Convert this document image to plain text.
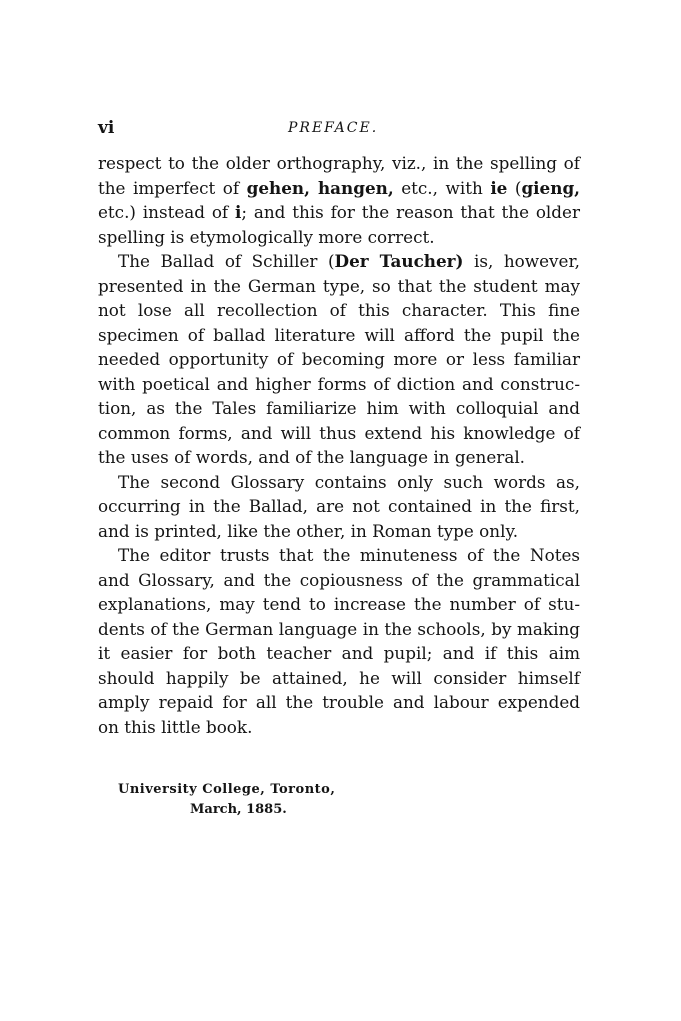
vi	PREFACE.
respect to the older orthography, viz., in the spelling of
the imperfect of gehen, hangen, etc., with ie (gieng,
etc.) instead of i; and this for the reason that the older
spelling is etymologically more correct.
The Ballad of Schiller (Der Taucher) is, however,
presented in the German type, so that the student may
not lose all recollection of this character. This fine
specimen of ballad literature will afford the pupil the
needed opportunity of becoming more or less familiar
with poetical and higher forms of diction and construc-
tion, as the Tales familiarize him with colloquial and
common forms, and will thus extend his knowledge of
the uses of words, and of the language in general.
The second Glossary contains only such words as,
occurring in the Ballad, are not contained in the first,
and is printed, like the other, in Roman type only.
The editor trusts that the minuteness of the Notes
and Glossary, and the copiousness of the grammatical
explanations, may tend to increase the number of stu-
dents of the German language in the schools, by making
it easier for both teacher and pupil; and if this aim
should happily be attained, he will consider himself
amply repaid for all the trouble and labour expended
on this little book.
University College, Toronto,
March, 1885.
